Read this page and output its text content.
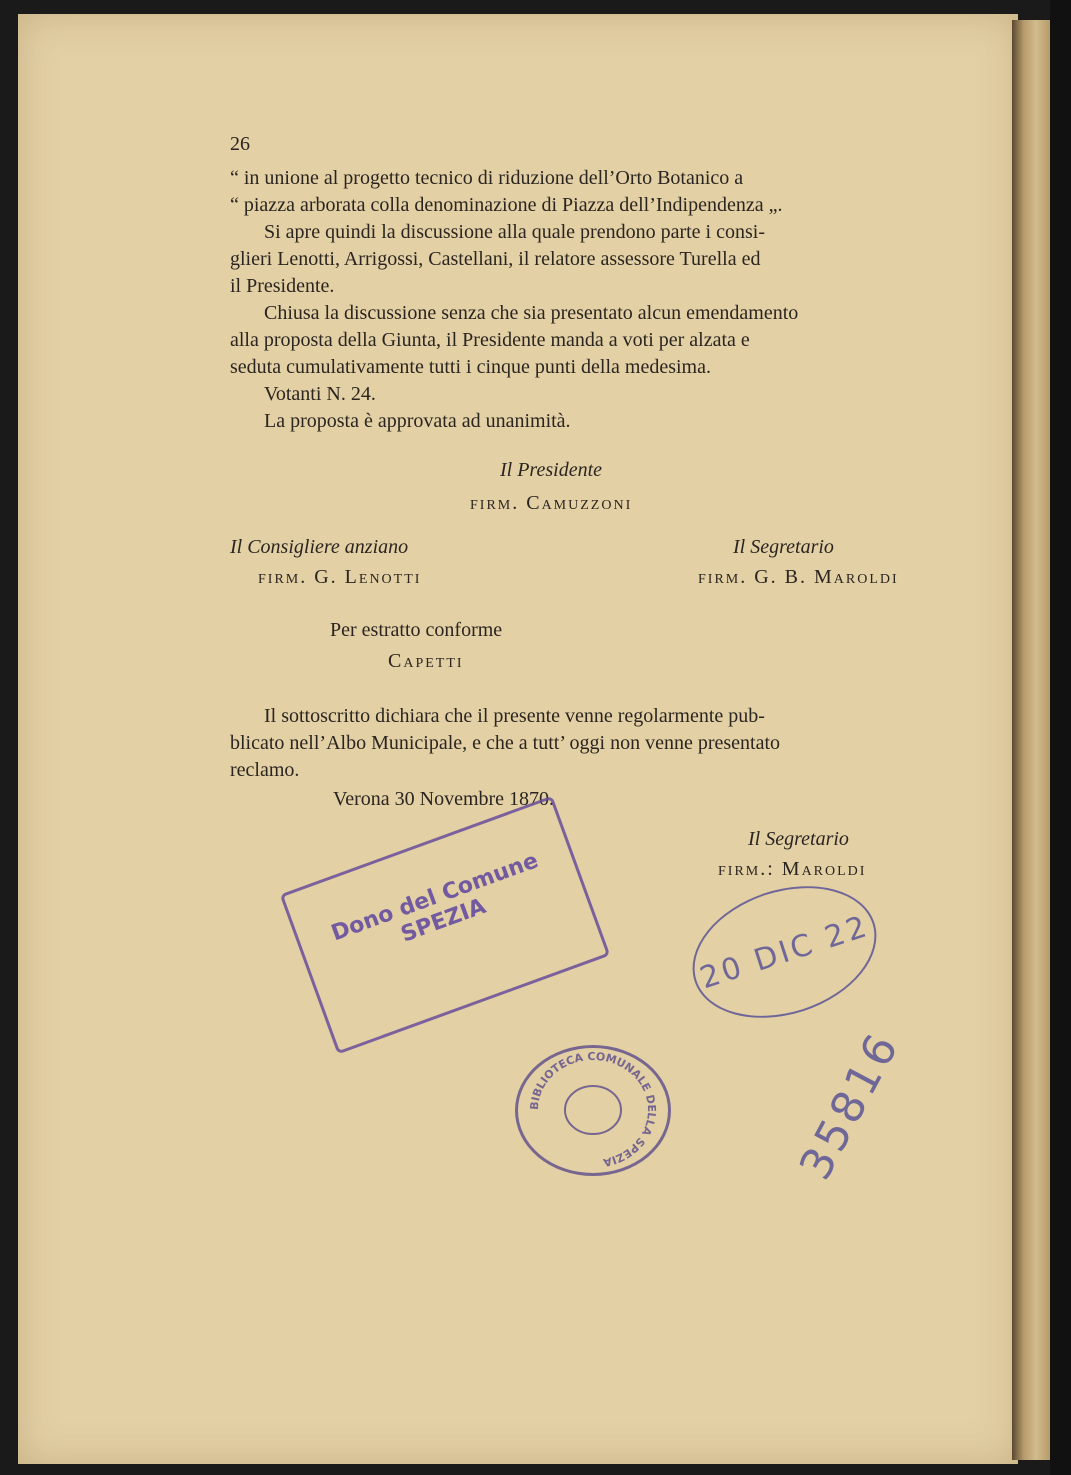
26
“ in unione al progetto tecnico di riduzione dell’Orto Botanico a
“ piazza arborata colla denominazione di Piazza dell’Indipendenza „.
Si apre quindi la discussione alla quale prendono parte i consi-
glieri Lenotti, Arrigossi, Castellani, il relatore assessore Turella ed
il Presidente.
Chiusa la discussione senza che sia presentato alcun emendamento
alla proposta della Giunta, il Presidente manda a voti per alzata e
seduta cumulativamente tutti i cinque punti della medesima.
Votanti N. 24.
La proposta è approvata ad unanimità.
Il Presidente
firm. Camuzzoni
Il Consigliere anziano
firm. G. Lenotti
Il Segretario
firm. G. B. Maroldi
Per estratto conforme
Capetti
Il sottoscritto dichiara che il presente venne regolarmente pub-
blicato nell’Albo Municipale, e che a tutt’ oggi non venne presentato
reclamo.
Verona 30 Novembre 1870.
Il Segretario
firm.: Maroldi
Dono del Comune SPEZIA	20 DIC 22
BIBLIOTECA COMUNALE DELLA SPEZIA	35816
